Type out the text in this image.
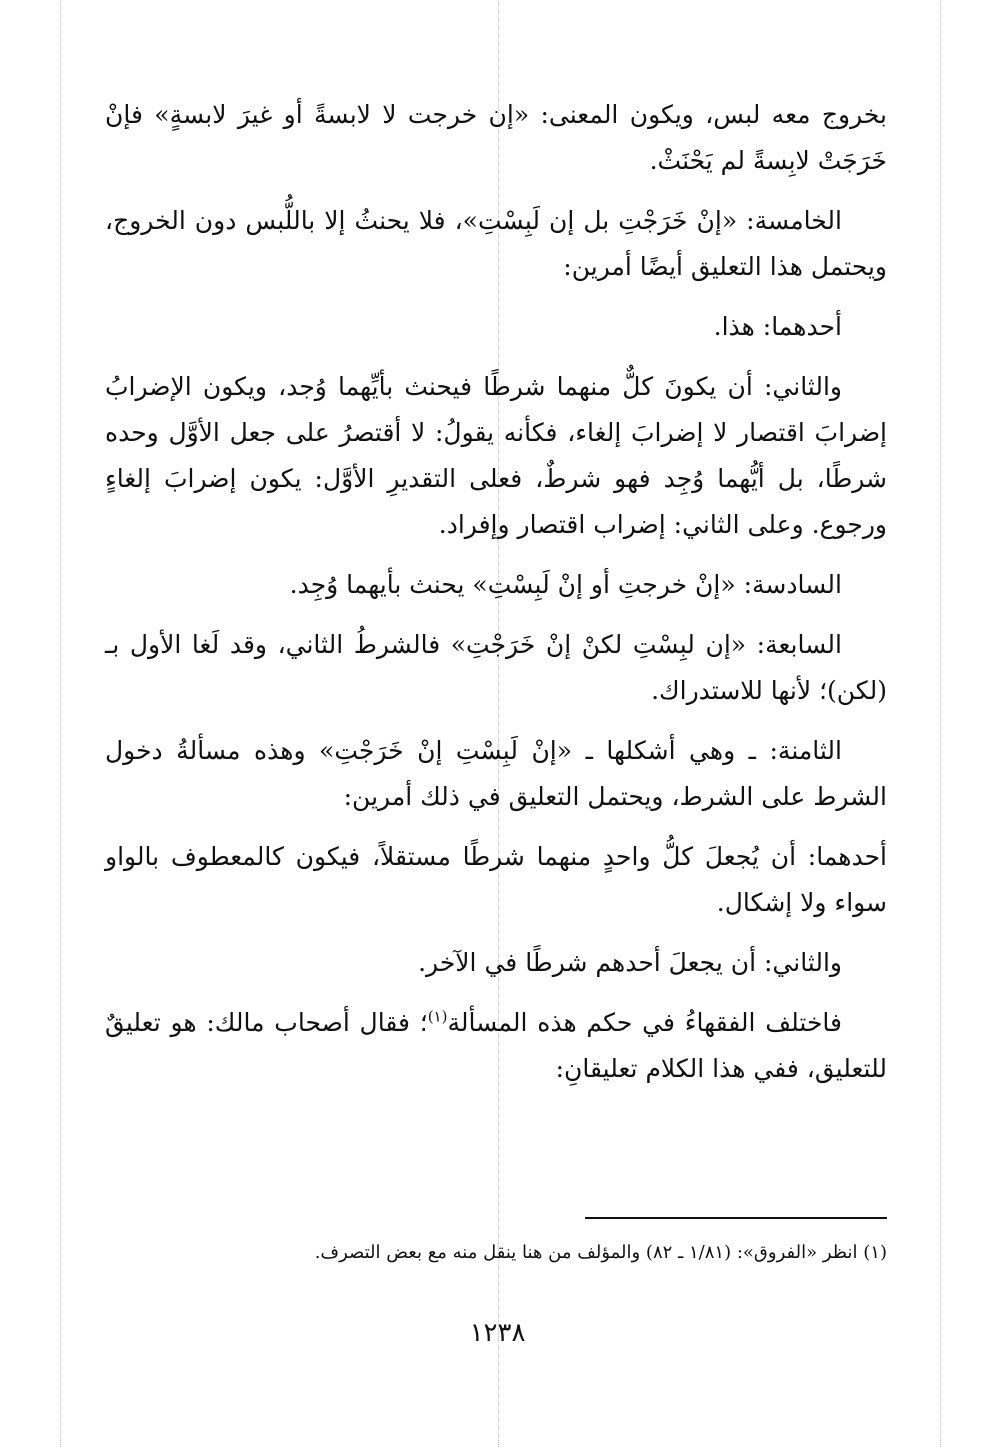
بخروج معه لبس، ويكون المعنى: «إن خرجت لا لابسةً أو غيرَ لابسةٍ» فإنْ خَرَجَتْ لابِسةً لم يَحْنَثْ.

الخامسة: «إنْ خَرَجْتِ بل إن لَبِسْتِ»، فلا يحنثُ إلا باللُّبس دون الخروج، ويحتمل هذا التعليق أيضًا أمرين:

أحدهما: هذا.

والثاني: أن يكونَ كلٌّ منهما شرطًا فيحنث بأيِّهما وُجد، ويكون الإضرابُ إضرابَ اقتصار لا إضرابَ إلغاء، فكأنه يقولُ: لا أقتصرُ على جعل الأوَّل وحده شرطًا، بل أيُّهما وُجِد فهو شرطٌ، فعلى التقديرِ الأوَّل: يكون إضرابَ إلغاءٍ ورجوع. وعلى الثاني: إضراب اقتصار وإفراد.

السادسة: «إنْ خرجتِ أو إنْ لَبِسْتِ» يحنث بأيهما وُجِد.

السابعة: «إن لبِسْتِ لكنْ إنْ خَرَجْتِ» فالشرطُ الثاني، وقد لَغا الأول بـ (لكن)؛ لأنها للاستدراك.

الثامنة: ـ وهي أشكلها ـ «إنْ لَبِسْتِ إنْ خَرَجْتِ» وهذه مسألةُ دخول الشرط على الشرط، ويحتمل التعليق في ذلك أمرين:

أحدهما: أن يُجعلَ كلُّ واحدٍ منهما شرطًا مستقلاً، فيكون كالمعطوف بالواو سواء ولا إشكال.

والثاني: أن يجعلَ أحدهم شرطًا في الآخر.

فاختلف الفقهاءُ في حكم هذه المسألة$^{(١)}$؛ فقال أصحاب مالك: هو تعليقٌ للتعليق، ففي هذا الكلام تعليقانِ:

(١) انظر «الفروق»: (١/٨١ ـ ٨٢) والمؤلف من هنا ينقل منه مع بعض التصرف.
١٢٣٨
